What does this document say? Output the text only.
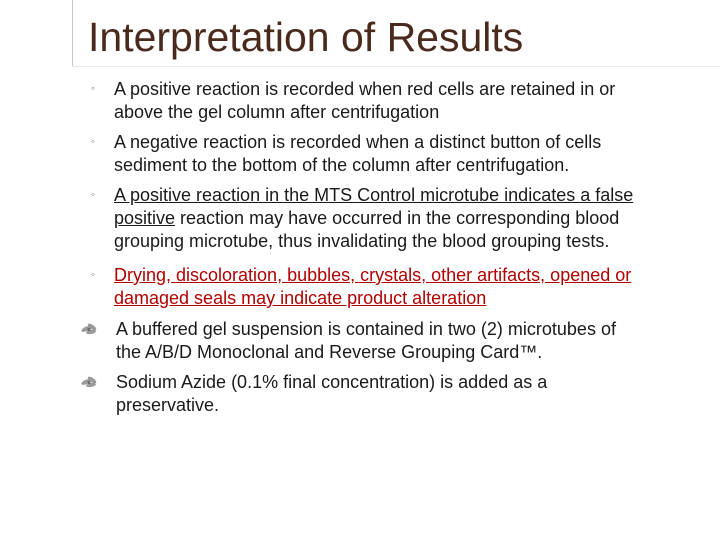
Interpretation of Results
◦ A positive reaction is recorded when red cells are retained in or
above the gel column after centrifugation
◦ A negative reaction is recorded when a distinct button of cells
sediment to the bottom of the column after centrifugation.
◦ A positive reaction in the MTS Control microtube indicates a false
positive reaction may have occurred in the corresponding blood
grouping microtube, thus invalidating the blood grouping tests.
◦ Drying, discoloration, bubbles, crystals, other artifacts, opened or
damaged seals may indicate product alteration
A buffered gel suspension is contained in two (2) microtubes of
the A/B/D Monoclonal and Reverse Grouping Card™.
Sodium Azide (0.1% final concentration) is added as a
preservative.
